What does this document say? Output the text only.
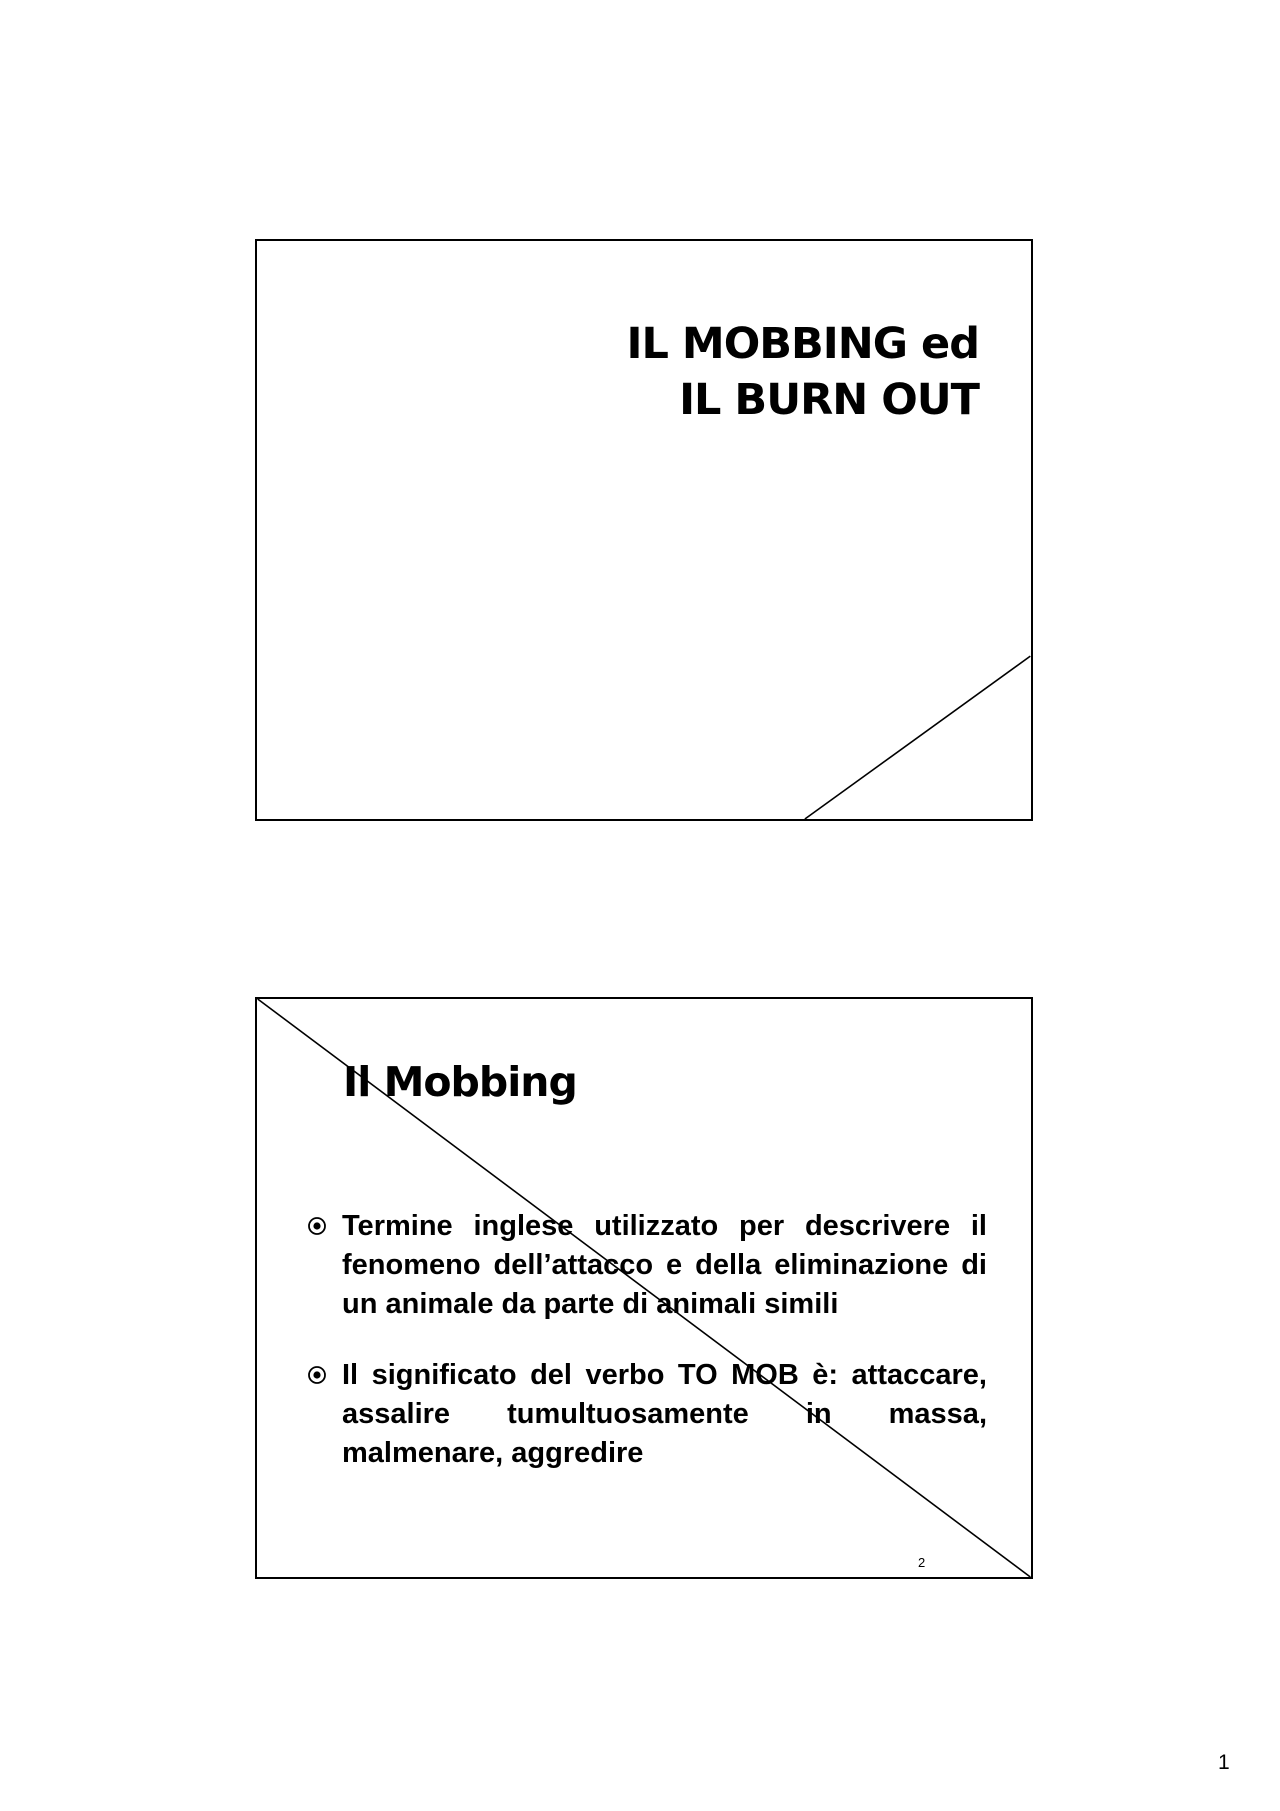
IL MOBBING ed
IL BURN OUT
Il Mobbing
Termine inglese utilizzato per descrivere il fenomeno dell’attacco e della eliminazione di un animale da parte di animali simili
Il significato del verbo TO MOB è: attaccare, assalire tumultuosamente in massa, malmenare, aggredire
2
1
